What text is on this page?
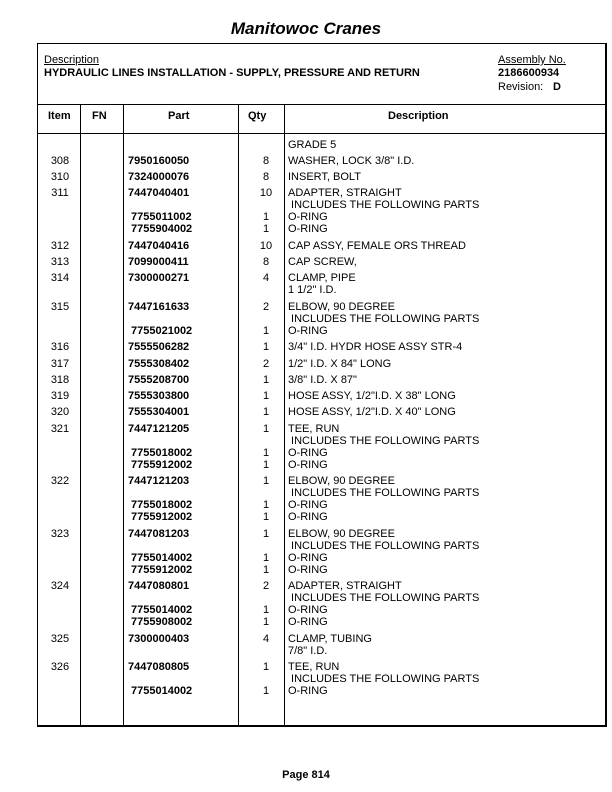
Manitowoc Cranes
Description
HYDRAULIC LINES INSTALLATION - SUPPLY, PRESSURE AND RETURN
Assembly No.
2186600934
Revision: D
Item FN	Part	Qty	Description
GRADE 5
308	7950160050	8	WASHER, LOCK 3/8" I.D.
310	7324000076	8	INSERT, BOLT
311	7447040401	10	ADAPTER, STRAIGHT
INCLUDES THE FOLLOWING PARTS
7755011002	1	O-RING
7755904002	1	O-RING
312	7447040416	10	CAP ASSY, FEMALE ORS THREAD
313	7099000411	8	CAP SCREW,
314	7300000271	4	CLAMP, PIPE
1 1/2" I.D.
315	7447161633	2	ELBOW, 90 DEGREE
INCLUDES THE FOLLOWING PARTS
7755021002	1	O-RING
316	7555506282	1	3/4" I.D. HYDR HOSE ASSY STR-4
317	7555308402	2	1/2" I.D. X 84" LONG
318	7555208700	1	3/8" I.D. X 87"
319	7555303800	1	HOSE ASSY, 1/2"I.D. X 38" LONG
320	7555304001	1	HOSE ASSY, 1/2"I.D. X 40" LONG
321	7447121205	1	TEE, RUN
INCLUDES THE FOLLOWING PARTS
7755018002	1	O-RING
7755912002	1	O-RING
322	7447121203	1	ELBOW, 90 DEGREE
INCLUDES THE FOLLOWING PARTS
7755018002	1	O-RING
7755912002	1	O-RING
323	7447081203	1	ELBOW, 90 DEGREE
INCLUDES THE FOLLOWING PARTS
7755014002	1	O-RING
7755912002	1	O-RING
324	7447080801	2	ADAPTER, STRAIGHT
INCLUDES THE FOLLOWING PARTS
7755014002	1	O-RING
7755908002	1	O-RING
325	7300000403	4	CLAMP, TUBING
7/8" I.D.
326	7447080805	1	TEE, RUN
INCLUDES THE FOLLOWING PARTS
7755014002	1	O-RING
Page 814
